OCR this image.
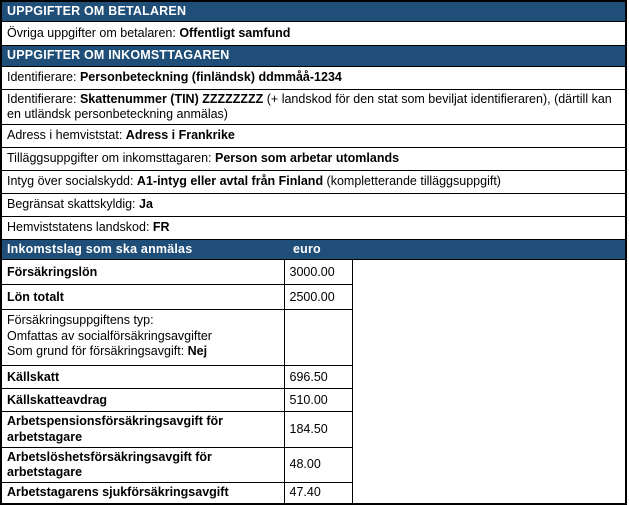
UPPGIFTER OM BETALAREN		
Övriga uppgifter om betalaren: Offentligt samfund		
UPPGIFTER OM INKOMSTTAGAREN		
Identifierare: Personbeteckning (finländsk) ddmmåå-1234		
Identifierare: Skattenummer (TIN) ZZZZZZZZ (+ landskod för den stat som beviljat identifieraren), (därtill kan en utländsk personbeteckning anmälas)		
Adress i hemviststat: Adress i Frankrike		
Tilläggsuppgifter om inkomsttagaren: Person som arbetar utomlands		
Intyg över socialskydd: A1-intyg eller avtal från Finland (kompletterande tilläggsuppgift)		
Begränsat skattskyldig: Ja		
Hemviststatens landskod: FR		

Inkomstslag som ska anmälas euro		

Försäkringslön	3000.00	
Lön totalt	2500.00	

Försäkringsuppgiftens typ:
Omfattas av socialförsäkringsavgifter
Som grund för försäkringsavgift: Nej		

Källskatt	696.50	
Källskatteavdrag	510.00	
Arbetspensionsförsäkringsavgift för arbetstagare	184.50	
Arbetslöshetsförsäkringsavgift för arbetstagare	48.00	
Arbetstagarens sjukförsäkringsavgift	47.40	
